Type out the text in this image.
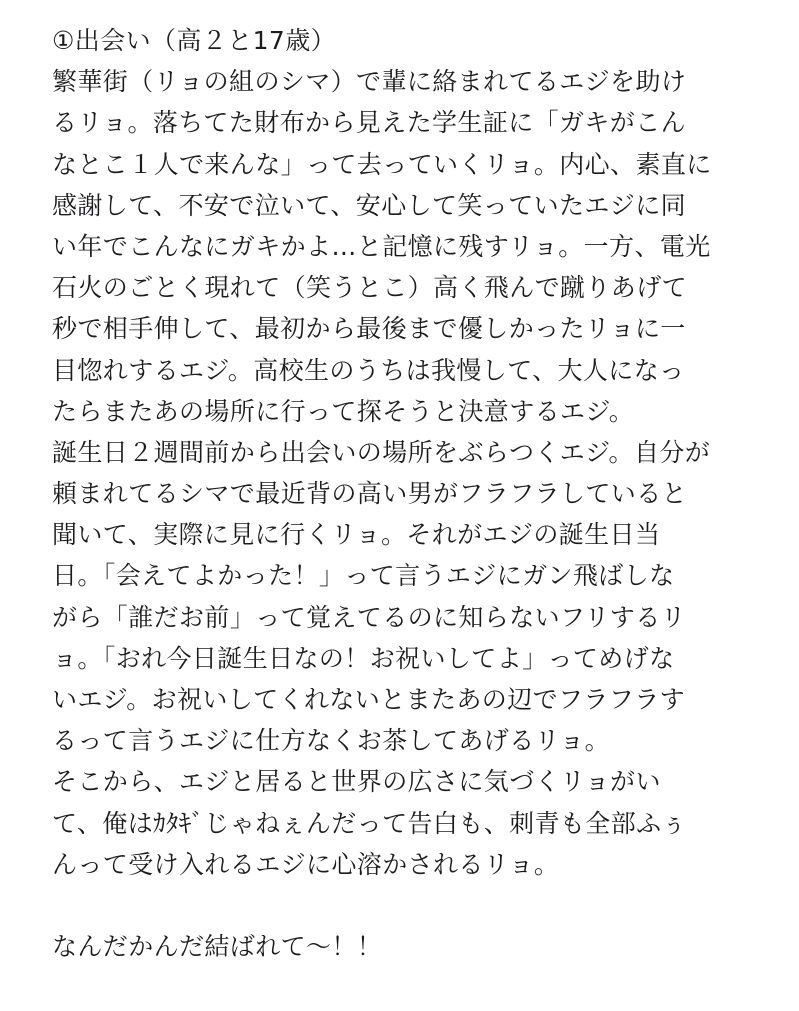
①出会い（高２と17歳）
繁華街（リョの組のシマ）で輩に絡まれてるエジを助け
るリョ。落ちてた財布から見えた学生証に「ガキがこん
なとこ１人で来んな」って去っていくリョ。内心、素直に
感謝して、不安で泣いて、安心して笑っていたエジに同
い年でこんなにガキかよ…と記憶に残すリョ。一方、電光
石火のごとく現れて（笑うとこ）高く飛んで蹴りあげて
秒で相手伸して、最初から最後まで優しかったリョに一
目惚れするエジ。高校生のうちは我慢して、大人になっ
たらまたあの場所に行って探そうと決意するエジ。
誕生日２週間前から出会いの場所をぶらつくエジ。自分が
頼まれてるシマで最近背の高い男がフラフラしていると
聞いて、実際に見に行くリョ。それがエジの誕生日当
日。「会えてよかった！」って言うエジにガン飛ばしな
がら「誰だお前」って覚えてるのに知らないフリするリ
ョ。「おれ今日誕生日なの！お祝いしてよ」ってめげな
いエジ。お祝いしてくれないとまたあの辺でフラフラす
るって言うエジに仕方なくお茶してあげるリョ。
そこから、エジと居ると世界の広さに気づくリョがい
て、俺はｶﾀｷﾞじゃねぇんだって告白も、刺青も全部ふぅ
んって受け入れるエジに心溶かされるリョ。
なんだかんだ結ばれて〜！！
